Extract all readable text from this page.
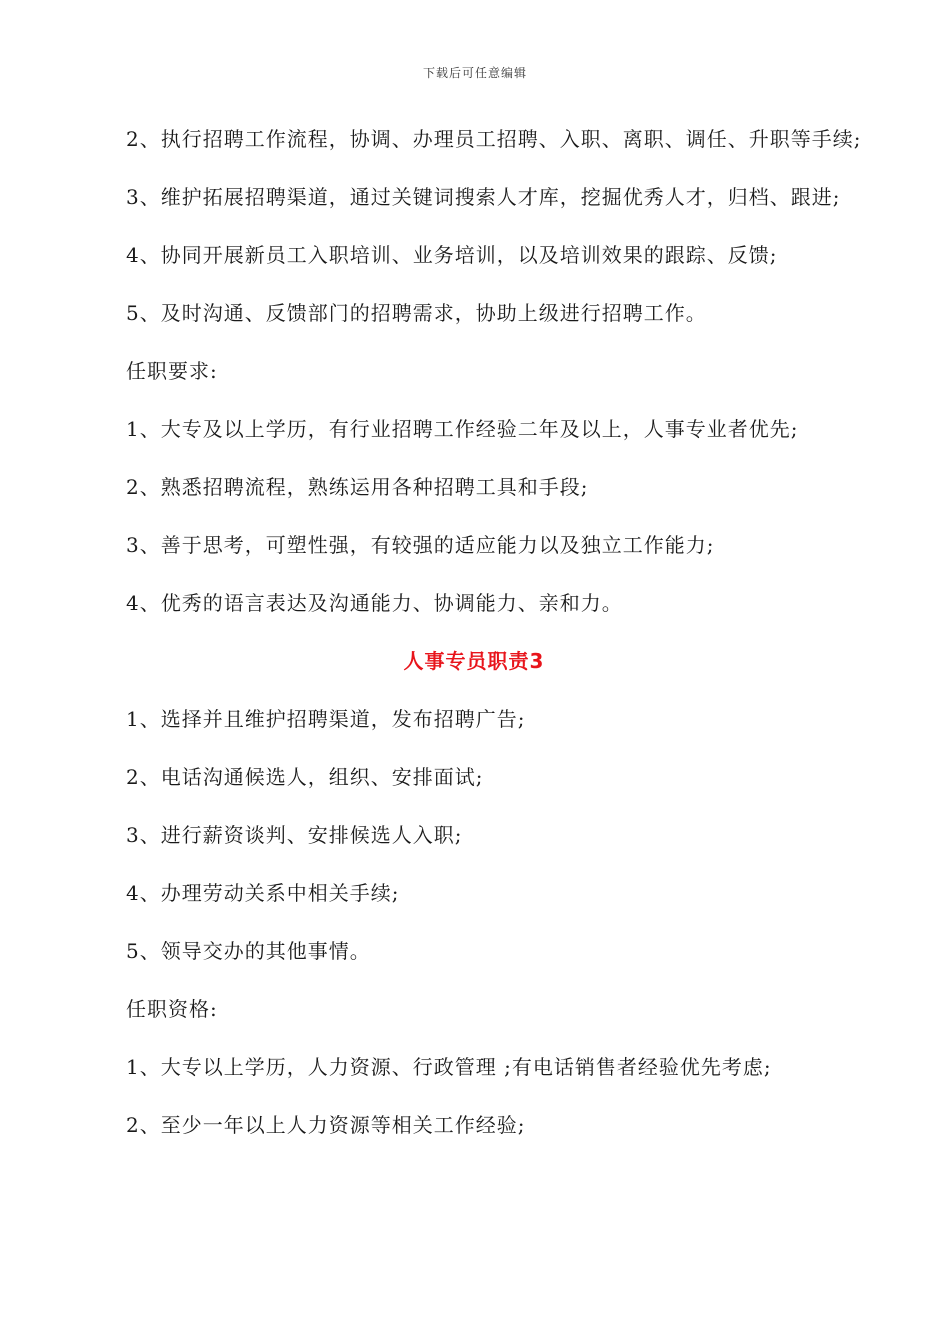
下载后可任意编辑

2、执行招聘工作流程，协调、办理员工招聘、入职、离职、调任、升职等手续;

3、维护拓展招聘渠道，通过关键词搜索人才库，挖掘优秀人才，归档、跟进;

4、协同开展新员工入职培训、业务培训，以及培训效果的跟踪、反馈;

5、及时沟通、反馈部门的招聘需求，协助上级进行招聘工作。

任职要求:

1、大专及以上学历，有行业招聘工作经验二年及以上，人事专业者优先;

2、熟悉招聘流程，熟练运用各种招聘工具和手段;

3、善于思考，可塑性强，有较强的适应能力以及独立工作能力;

4、优秀的语言表达及沟通能力、协调能力、亲和力。

人事专员职责3

1、选择并且维护招聘渠道，发布招聘广告;

2、电话沟通候选人，组织、安排面试;

3、进行薪资谈判、安排候选人入职;

4、办理劳动关系中相关手续;

5、领导交办的其他事情。

任职资格:

1、大专以上学历，人力资源、行政管理 ;有电话销售者经验优先考虑;

2、至少一年以上人力资源等相关工作经验;
